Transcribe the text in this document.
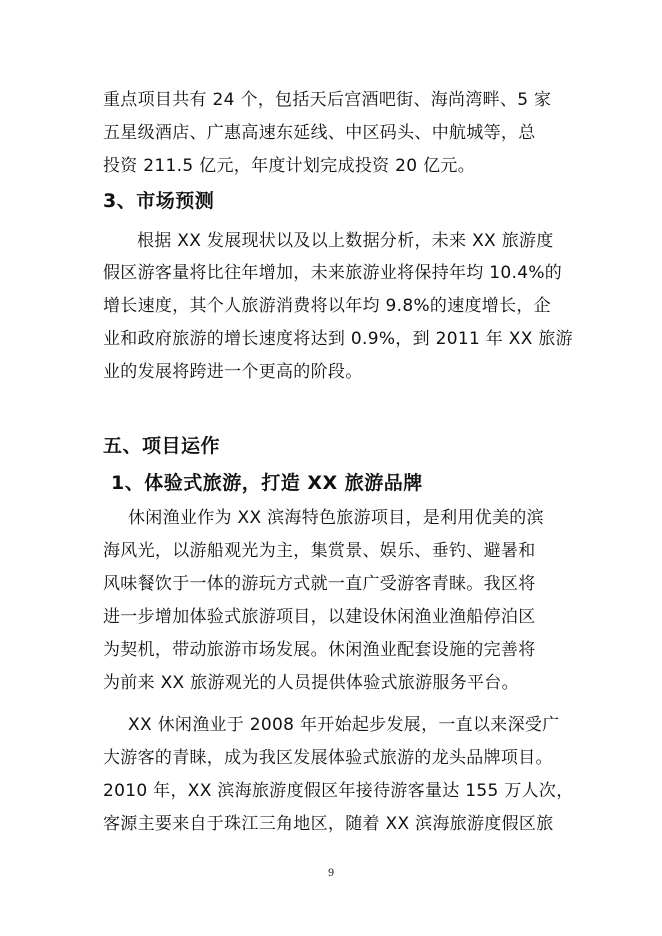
重点项目共有 24 个，包括天后宫酒吧街、海尚湾畔、5 家
五星级酒店、广惠高速东延线、中区码头、中航城等，总
投资 211.5 亿元，年度计划完成投资 20 亿元。
3、市场预测
根据 XX 发展现状以及以上数据分析，未来 XX 旅游度
假区游客量将比往年增加，未来旅游业将保持年均 10.4%的
增长速度，其个人旅游消费将以年均 9.8%的速度增长，企
业和政府旅游的增长速度将达到 0.9%，到 2011 年 XX 旅游
业的发展将跨进一个更高的阶段。
五、项目运作
1、体验式旅游，打造 XX 旅游品牌
休闲渔业作为 XX 滨海特色旅游项目，是利用优美的滨
海风光，以游船观光为主，集赏景、娱乐、垂钓、避暑和
风味餐饮于一体的游玩方式就一直广受游客青睐。我区将
进一步增加体验式旅游项目，以建设休闲渔业渔船停泊区
为契机，带动旅游市场发展。休闲渔业配套设施的完善将
为前来 XX 旅游观光的人员提供体验式旅游服务平台。
XX 休闲渔业于 2008 年开始起步发展，一直以来深受广
大游客的青睐，成为我区发展体验式旅游的龙头品牌项目。
2010 年，XX 滨海旅游度假区年接待游客量达 155 万人次，
客源主要来自于珠江三角地区，随着 XX 滨海旅游度假区旅
9
